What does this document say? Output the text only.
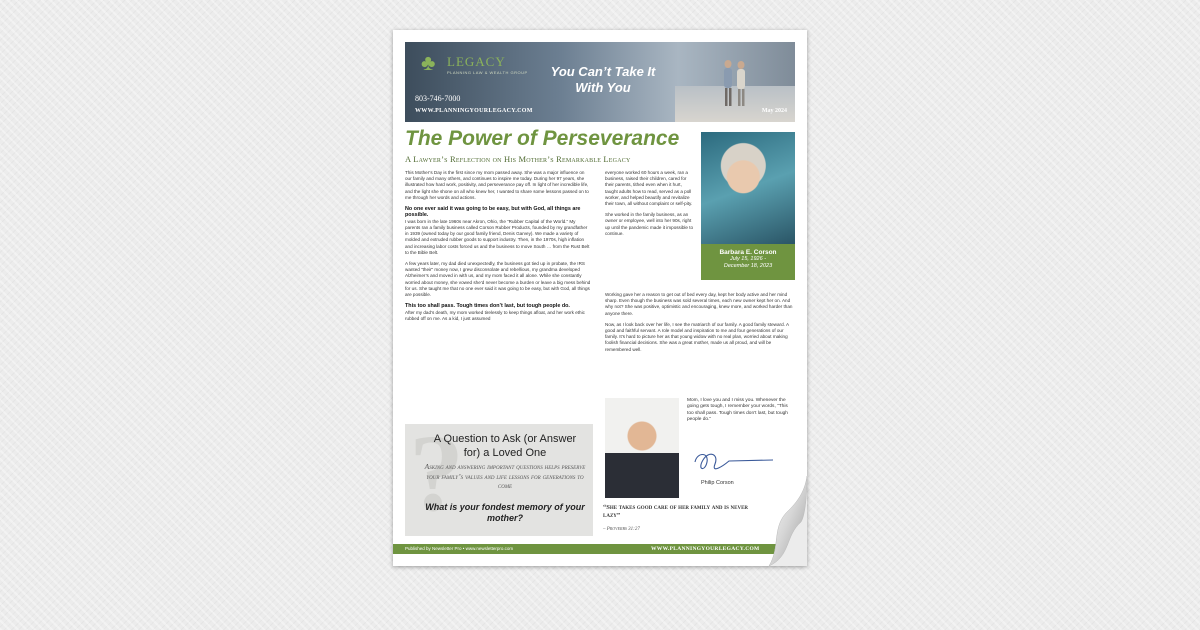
♣ LEGACY
PLANNING LAW & WEALTH GROUP	You Can’t Take It With You
803-746-7000
WWW.PLANNINGYOURLEGACY.COM	May 2024
The Power of Perseverance
A Lawyer’s Reflection on His Mother’s Remarkable Legacy

This Mother’s Day is the first since my mom passed away. She was a major influence on our family and many others, and continues to inspire me today. During her 97 years, she illustrated how hard work, positivity, and perseverance pay off. In light of her incredible life, and the light she shone on all who knew her, I wanted to share some lessons passed on to me through her words and actions.

No one ever said it was going to be easy, but with God, all things are possible.

I was born in the late 1960s near Akron, Ohio, the “Rubber Capital of the World.” My parents ran a family business called Corson Rubber Products, founded by my grandfather in 1939 (owned today by our good family friend, Denis Garvey). We made a variety of molded and extruded rubber goods to support industry. Then, in the 1970s, high inflation and increasing labor costs forced us and the business to move South … from the Rust Belt to the Bible Belt.

A few years later, my dad died unexpectedly, the business got tied up in probate, the IRS wanted “their” money now, I grew disconsolate and rebellious, my grandma developed Alzheimer’s and moved in with us, and my mom faced it all alone. While she constantly worried about money, she vowed she’d never become a burden or leave a big mess behind for us. She taught me that no one ever said it was going to be easy, but with God, all things are possible.

This too shall pass. Tough times don’t last, but tough people do.

After my dad’s death, my mom worked tirelessly to keep things afloat, and her work ethic rubbed off on me. As a kid, I just assumed

everyone worked 60 hours a week, ran a business, raised their children, cared for their parents, tithed even when it hurt, taught adults how to read, served as a poll worker, and helped beautify and revitalize their town, all without complaint or self-pity.

She worked in the family business, as an owner or employee, well into her 90s, right up until the pandemic made it impossible to continue.

Working gave her a reason to get out of bed every day, kept her body active and her mind sharp. Even though the business was sold several times, each new owner kept her on. And why not? She was positive, optimistic and encouraging, knew more, and worked harder than anyone there.

Now, as I look back over her life, I see the matriarch of our family. A good family steward. A good and faithful servant. A role model and inspiration to me and four generations of our family. It’s hard to picture her as that young widow with no real plan, worried about making foolish financial decisions. She was a great mother, made us all proud, and will be remembered well.

Barbara E. Corson
July 15, 1926 -
December 18, 2023
?
A Question to Ask (or Answer for) a Loved One
Asking and answering important questions helps preserve your family’s values and life lessons for generations to come
What is your fondest memory of your mother?
Mom, I love you and I miss you. Whenever the going gets tough, I remember your words, “This too shall pass. Tough times don’t last, but tough people do.”
Philip Corson
“She takes good care of her family and is never lazy”
– Proverbs 31:27
Published by Newsletter Pro • www.newsletterpro.com	WWW.PLANNINGYOURLEGACY.COM
